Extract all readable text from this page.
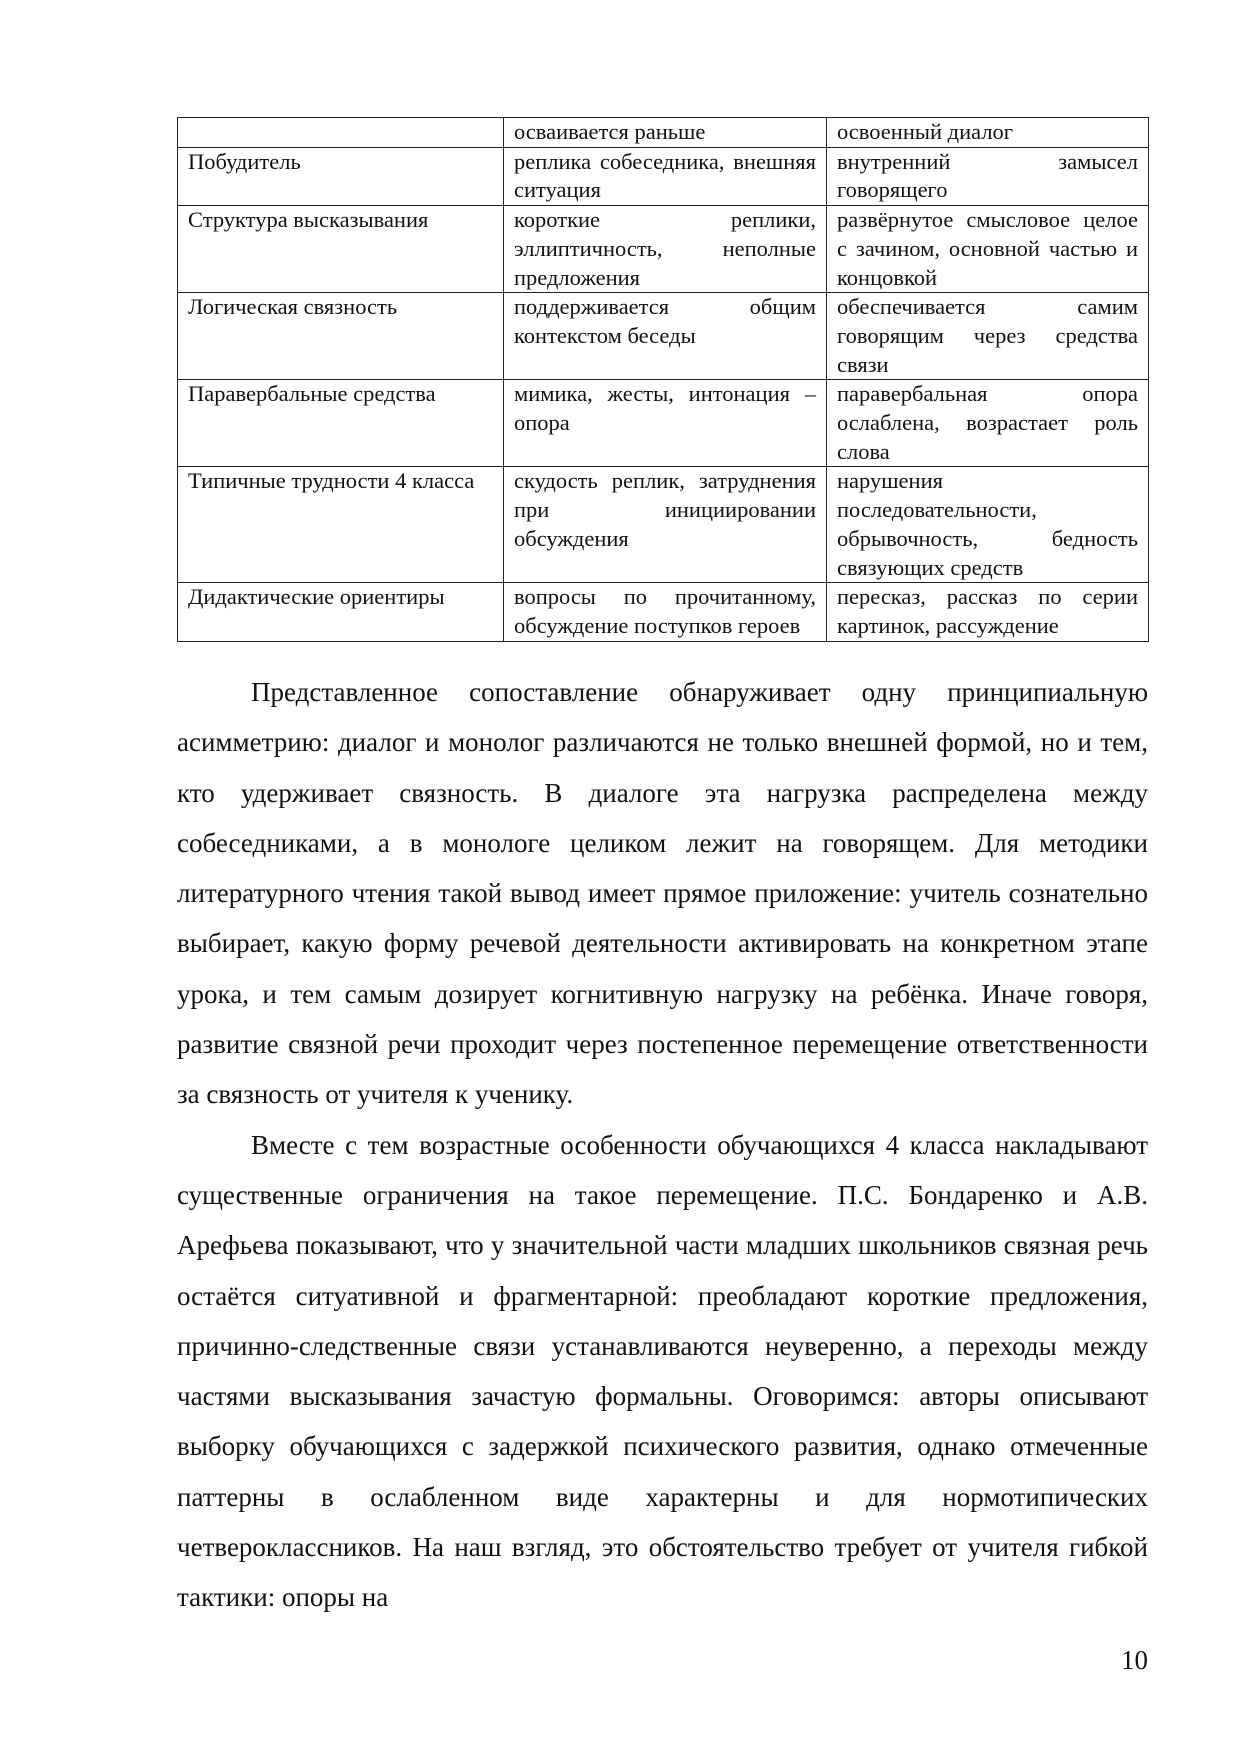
	осваивается раньше	освоенный диалог

Побудитель	реплика собеседника, внешняя ситуация	внутренний замысел говорящего

Структура высказывания	короткие реплики, эллиптичность, неполные предложения	развёрнутое смысловое целое с зачином, основной частью и концовкой

Логическая связность	поддерживается общим контекстом беседы	обеспечивается самим говорящим через средства связи

Паравербальные средства	мимика, жесты, интонация – опора	паравербальная опора ослаблена, возрастает роль слова

Типичные трудности 4 класса	скудость реплик, затруднения при инициировании обсуждения	нарушения последовательности, обрывочность, бедность связующих средств

Дидактические ориентиры	вопросы по прочитанному, обсуждение поступков героев	пересказ, рассказ по серии картинок, рассуждение

Представленное сопоставление обнаруживает одну принципиальную асимметрию: диалог и монолог различаются не только внешней формой, но и тем, кто удерживает связность. В диалоге эта нагрузка распределена между собеседниками, а в монологе целиком лежит на говорящем. Для методики литературного чтения такой вывод имеет прямое приложение: учитель сознательно выбирает, какую форму речевой деятельности активировать на конкретном этапе урока, и тем самым дозирует когнитивную нагрузку на ребёнка. Иначе говоря, развитие связной речи проходит через постепенное перемещение ответственности за связность от учителя к ученику.

Вместе с тем возрастные особенности обучающихся 4 класса накладывают существенные ограничения на такое перемещение. П.С. Бондаренко и А.В. Арефьева показывают, что у значительной части младших школьников связная речь остаётся ситуативной и фрагментарной: преобладают короткие предложения, причинно-следственные связи устанавливаются неуверенно, а переходы между частями высказывания зачастую формальны. Оговоримся: авторы описывают выборку обучающихся с задержкой психического развития, однако отмеченные паттерны в ослабленном виде характерны и для нормотипических четвероклассников. На наш взгляд, это обстоятельство требует от учителя гибкой тактики: опоры на

10
